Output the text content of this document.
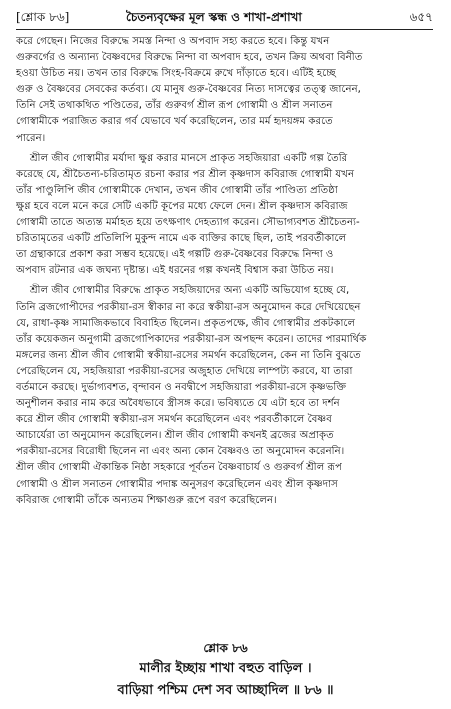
[শ্লোক ৮৬]	চৈতন্যবৃক্ষের মূল স্কন্ধ ও শাখা-প্রশাখা	৬৫৭
করে গেছেন। নিজের বিরুদ্ধে সমস্ত নিন্দা ও অপবাদ সহ্য করতে হবে। কিন্তু যখন
গুরুবর্গের ও অন্যান্য বৈষ্ণবদের বিরুদ্ধে নিন্দা বা অপবাদ হবে, তখন ক্রিয় অথবা বিনীত
হওয়া উচিত নয়। তখন তার বিরুদ্ধে সিংহ-বিক্রমে রুখে দাঁড়াতে হবে। এটিই হচ্ছে
গুরু ও বৈষ্ণবের সেবকের কর্তব্য। যে মানুষ গুরু-বৈষ্ণবের নিত্য দাসত্বের তত্ত্ব জানেন,
তিনি সেই তথাকথিত পণ্ডিতের, তাঁর গুরুবর্গ শ্রীল রূপ গোস্বামী ও শ্রীল সনাতন
গোস্বামীকে পরাজিত করার গর্ব যেভাবে খর্ব করেছিলেন, তার মর্ম হৃদয়ঙ্গম করতে
পারেন।
শ্রীল জীব গোস্বামীর মর্যাদা ক্ষুণ্ণ করার মানসে প্রাকৃত সহজিয়ারা একটি গল্প তৈরি
করেছে যে, শ্রীচৈতন্য-চরিতামৃত রচনা করার পর শ্রীল কৃষ্ণদাস কবিরাজ গোস্বামী যখন
তাঁর পাণ্ডুলিপি জীব গোস্বামীকে দেখান, তখন জীব গোস্বামী তাঁর পাণ্ডিত্য প্রতিষ্ঠা
ক্ষুণ্ণ হবে বলে মনে করে সেটি একটি কূপের মধ্যে ফেলে দেন। শ্রীল কৃষ্ণদাস কবিরাজ
গোস্বামী তাতে অত্যন্ত মর্মাহত হয়ে তৎক্ষণাৎ দেহত্যাগ করেন। সৌভাগ্যবশত শ্রীচৈতন্য-
চরিতামৃতের একটি প্রতিলিপি মুকুন্দ নামে এক ব্যক্তির কাছে ছিল, তাই পরবর্তীকালে
তা গ্রন্থাকারে প্রকাশ করা সম্ভব হয়েছে। এই গল্পটি গুরু-বৈষ্ণবের বিরুদ্ধে নিন্দা ও
অপবাদ রটনার এক জঘন্য দৃষ্টান্ত। এই ধরনের গল্প কখনই বিশ্বাস করা উচিত নয়।
শ্রীল জীব গোস্বামীর বিরুদ্ধে প্রাকৃত সহজিয়াদের অন্য একটি অভিযোগ হচ্ছে যে,
তিনি ব্রজগোপীদের পরকীয়া-রস স্বীকার না করে স্বকীয়া-রস অনুমোদন করে দেখিয়েছেন
যে, রাধা-কৃষ্ণ সামাজিকভাবে বিবাহিত ছিলেন। প্রকৃতপক্ষে, জীব গোস্বামীর প্রকটকালে
তাঁর কয়েকজন অনুগামী ব্রজগোপিকাদের পরকীয়া-রস অপছন্দ করেন। তাদের পারমার্থিক
মঙ্গলের জন্য শ্রীল জীব গোস্বামী স্বকীয়া-রসের সমর্থন করেছিলেন, কেন না তিনি বুঝতে
পেরেছিলেন যে, সহজিয়ারা পরকীয়া-রসের অজুহাত দেখিয়ে লাম্পট্য করবে, যা তারা
বর্তমানে করছে। দুর্ভাগ্যবশত, বৃন্দাবন ও নবদ্বীপে সহজিয়ারা পরকীয়া-রসে কৃষ্ণভক্তি
অনুশীলন করার নাম করে অবৈধভাবে স্ত্রীসঙ্গ করে। ভবিষ্যতে যে এটা হবে তা দর্শন
করে শ্রীল জীব গোস্বামী স্বকীয়া-রস সমর্থন করেছিলেন এবং পরবর্তীকালে বৈষ্ণব
আচার্যেরা তা অনুমোদন করেছিলেন। শ্রীল জীব গোস্বামী কখনই ব্রজের অপ্রাকৃত
পরকীয়া-রসের বিরোধী ছিলেন না এবং অন্য কোন বৈষ্ণবও তা অনুমোদন করেননি।
শ্রীল জীব গোস্বামী ঐকান্তিক নিষ্ঠা সহকারে পূর্বতন বৈষ্ণবাচার্য ও গুরুবর্গ শ্রীল রূপ
গোস্বামী ও শ্রীল সনাতন গোস্বামীর পদাঙ্ক অনুসরণ করেছিলেন এবং শ্রীল কৃষ্ণদাস
কবিরাজ গোস্বামী তাঁকে অন্যতম শিক্ষাগুরু রূপে বরণ করেছিলেন।
শ্লোক ৮৬
মালীর ইচ্ছায় শাখা বহুত বাড়িল ।
বাড়িয়া পশ্চিম দেশ সব আচ্ছাদিল ॥ ৮৬ ॥
